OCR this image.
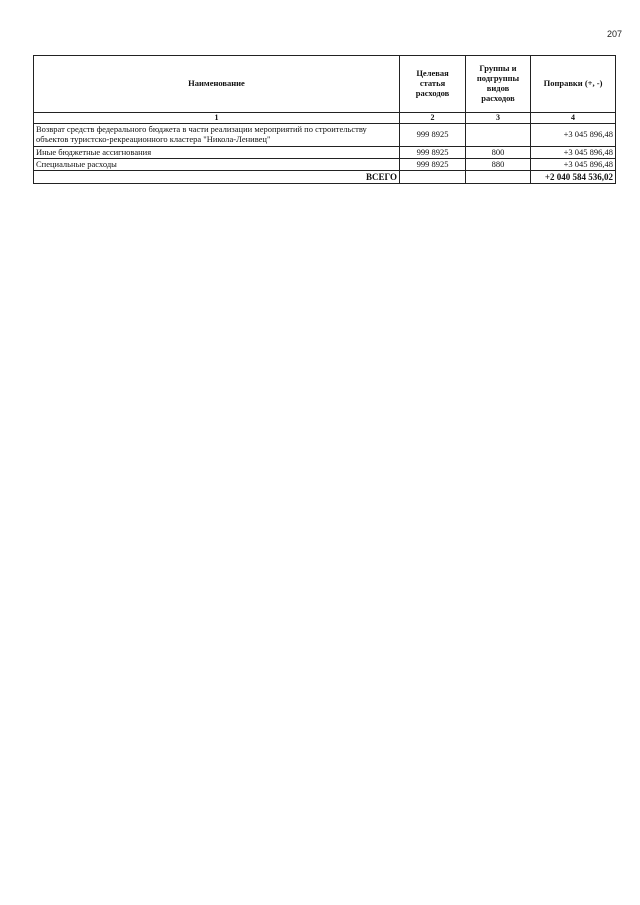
207
Наименование	Целевая статья расходов	Группы и подгруппы видов расходов	Поправки (+, -)
1	2	3	4
Возврат средств федерального бюджета в части реализации мероприятий по строительству объектов туристско-рекреационного кластера "Никола-Ленивец"	999 8925		+3 045 896,48
Иные бюджетные ассигнования	999 8925	800	+3 045 896,48
Специальные расходы	999 8925	880	+3 045 896,48
ВСЕГО			+2 040 584 536,02
